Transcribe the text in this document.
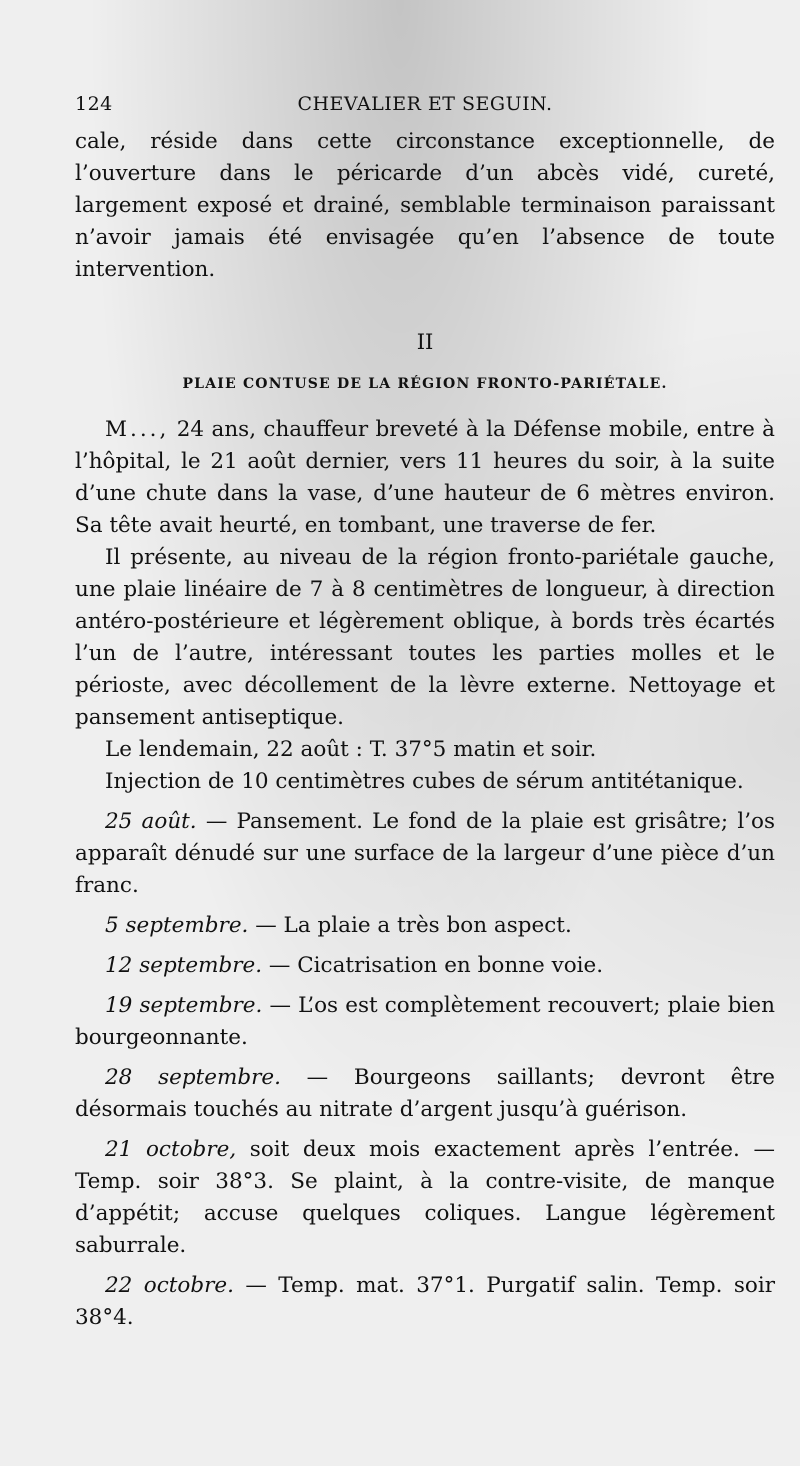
124	CHEVALIER ET SEGUIN.

cale, réside dans cette circonstance exceptionnelle, de l’ouverture dans le péricarde d’un abcès vidé, cureté, largement exposé et drainé, semblable terminaison paraissant n’avoir jamais été envisagée qu’en l’absence de toute intervention.

II
PLAIE CONTUSE DE LA RÉGION FRONTO-PARIÉTALE.

M..., 24 ans, chauffeur breveté à la Défense mobile, entre à l’hôpital, le 21 août dernier, vers 11 heures du soir, à la suite d’une chute dans la vase, d’une hauteur de 6 mètres environ. Sa tête avait heurté, en tombant, une traverse de fer.

Il présente, au niveau de la région fronto-pariétale gauche, une plaie linéaire de 7 à 8 centimètres de longueur, à direction antéro-postérieure et légèrement oblique, à bords très écartés l’un de l’autre, intéressant toutes les parties molles et le périoste, avec décollement de la lèvre externe. Nettoyage et pansement antiseptique.

Le lendemain, 22 août : T. 37°5 matin et soir.

Injection de 10 centimètres cubes de sérum antitétanique.

25 août. — Pansement. Le fond de la plaie est grisâtre; l’os apparaît dénudé sur une surface de la largeur d’une pièce d’un franc.

5 septembre. — La plaie a très bon aspect.

12 septembre. — Cicatrisation en bonne voie.

19 septembre. — L’os est complètement recouvert; plaie bien bourgeonnante.

28 septembre. — Bourgeons saillants; devront être désormais touchés au nitrate d’argent jusqu’à guérison.

21 octobre, soit deux mois exactement après l’entrée. — Temp. soir 38°3. Se plaint, à la contre-visite, de manque d’appétit; accuse quelques coliques. Langue légèrement saburrale.

22 octobre. — Temp. mat. 37°1. Purgatif salin. Temp. soir 38°4.
